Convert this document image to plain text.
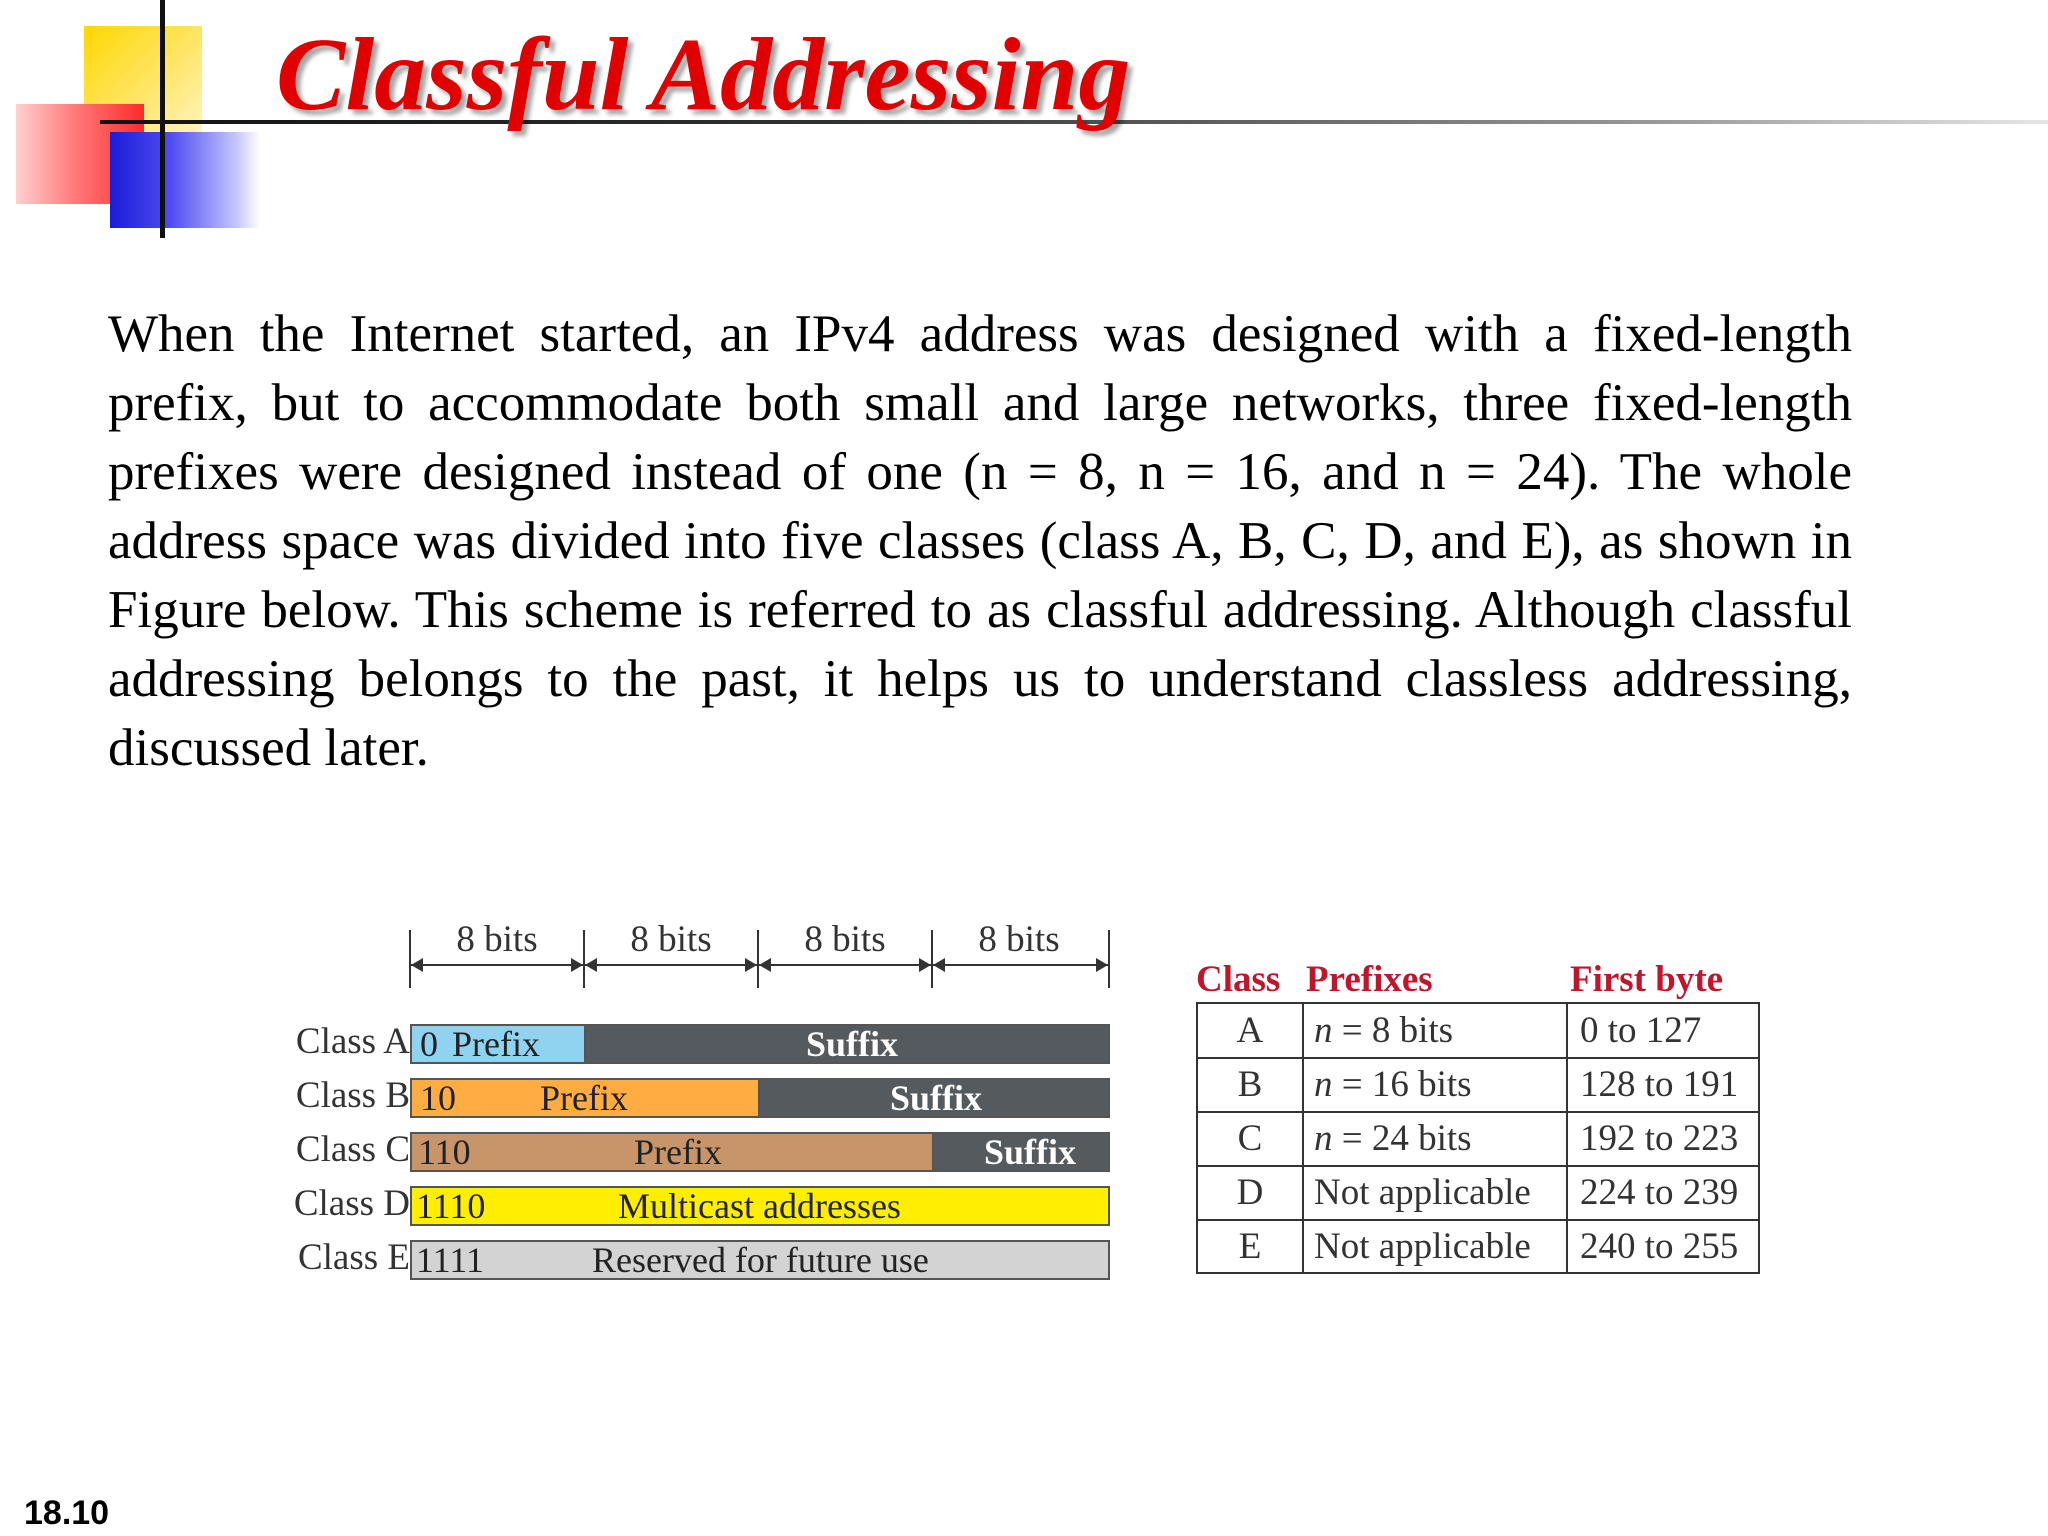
Classful Addressing

When the Internet started, an IPv4 address was designed with a fixed-length prefix, but to accommodate both small and large networks, three fixed-length prefixes were designed instead of one (n = 8, n = 16, and n = 24). The whole address space was divided into five classes (class A, B, C, D, and E), as shown in Figure below. This scheme is referred to as classful addressing. Although classful addressing belongs to the past, it helps us to understand classless addressing, discussed later.

8 bits	8 bits	8 bits	8 bits
Class A 0 Prefix	Suffix
Class B 10 Prefix	Suffix
Class C 110	Prefix	Suffix
Class D 1110	Multicast addresses
Class E 1111	Reserved for future use
Class Prefixes	First byte
A	n = 8 bits	0 to 127
B	n = 16 bits	128 to 191
C	n = 24 bits	192 to 223
D	Not applicable 224 to 239
E	Not applicable 240 to 255
18.10
